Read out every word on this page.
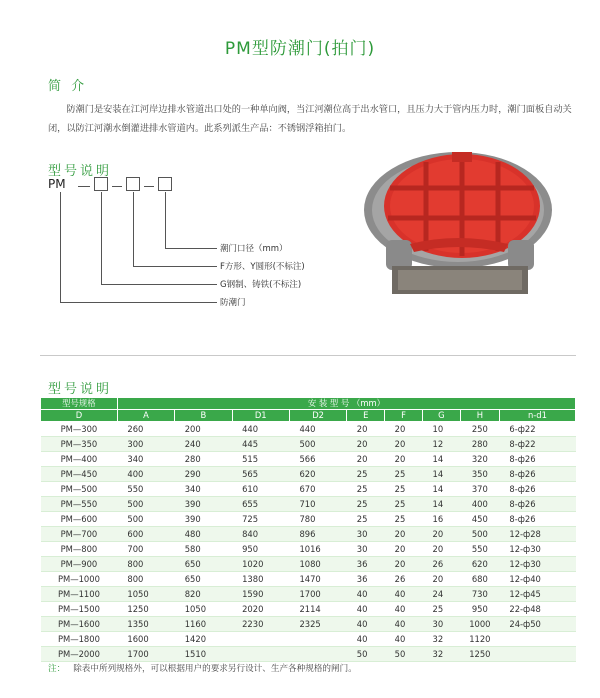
PM型防潮门(拍门)
简 介
防潮门是安装在江河岸边排水管道出口处的一种单向阀，当江河潮位高于出水管口，且压力大于管内压力时，潮门面板自动关闭，以防江河潮水倒灌进排水管道内。此系列派生产品：不锈钢浮箱拍门。
型号说明
PM
潮门口径（mm）
F方形、Y圆形(不标注)
G钢制、铸铁(不标注)
防潮门
型号说明
型号规格	安 装 型 号 （mm）								
D	A	B	D1	D2	E	F	G	H	n-d1
PM—300	260	200	440	440	20	20	10	250	6-ф22
PM—350	300	240	445	500	20	20	12	280	8-ф22
PM—400	340	280	515	566	20	20	14	320	8-ф26
PM—450	400	290	565	620	25	25	14	350	8-ф26
PM—500	550	340	610	670	25	25	14	370	8-ф26
PM—550	500	390	655	710	25	25	14	400	8-ф26
PM—600	500	390	725	780	25	25	16	450	8-ф26
PM—700	600	480	840	896	30	20	20	500	12-ф28
PM—800	700	580	950	1016	30	20	20	550	12-ф30
PM—900	800	650	1020	1080	36	20	26	620	12-ф30
PM—1000	800	650	1380	1470	36	26	20	680	12-ф40
PM—1100	1050	820	1590	1700	40	40	24	730	12-ф45
PM—1500	1250	1050	2020	2114	40	40	25	950	22-ф48
PM—1600	1350	1160	2230	2325	40	40	30	1000	24-ф50
PM—1800	1600	1420			40	40	32	1120	
PM—2000	1700	1510			50	50	32	1250	
注： 除表中所列规格外，可以根据用户的要求另行设计、生产各种规格的闸门。
